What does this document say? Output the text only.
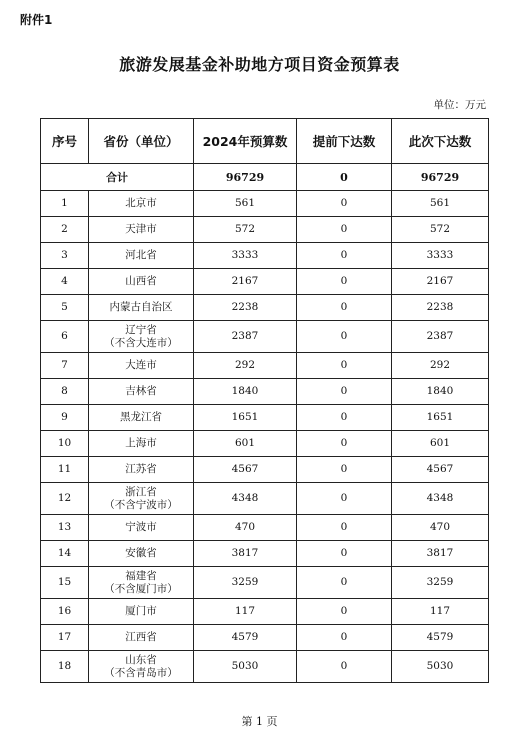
附件1
旅游发展基金补助地方项目资金预算表
单位：万元
序号	省份（单位）	2024年预算数	提前下达数	此次下达数
合计		96729	0	96729
1	北京市	561	0	561
2	天津市	572	0	572
3	河北省	3333	0	3333
4	山西省	2167	0	2167
5	内蒙古自治区	2238	0	2238
6	辽宁省
（不含大连市）	2387	0	2387
7	大连市	292	0	292
8	吉林省	1840	0	1840
9	黑龙江省	1651	0	1651
10	上海市	601	0	601
11	江苏省	4567	0	4567
12	浙江省
（不含宁波市）	4348	0	4348
13	宁波市	470	0	470
14	安徽省	3817	0	3817
15	福建省
（不含厦门市）	3259	0	3259
16	厦门市	117	0	117
17	江西省	4579	0	4579
18	山东省
（不含青岛市）	5030	0	5030
第 1 页
